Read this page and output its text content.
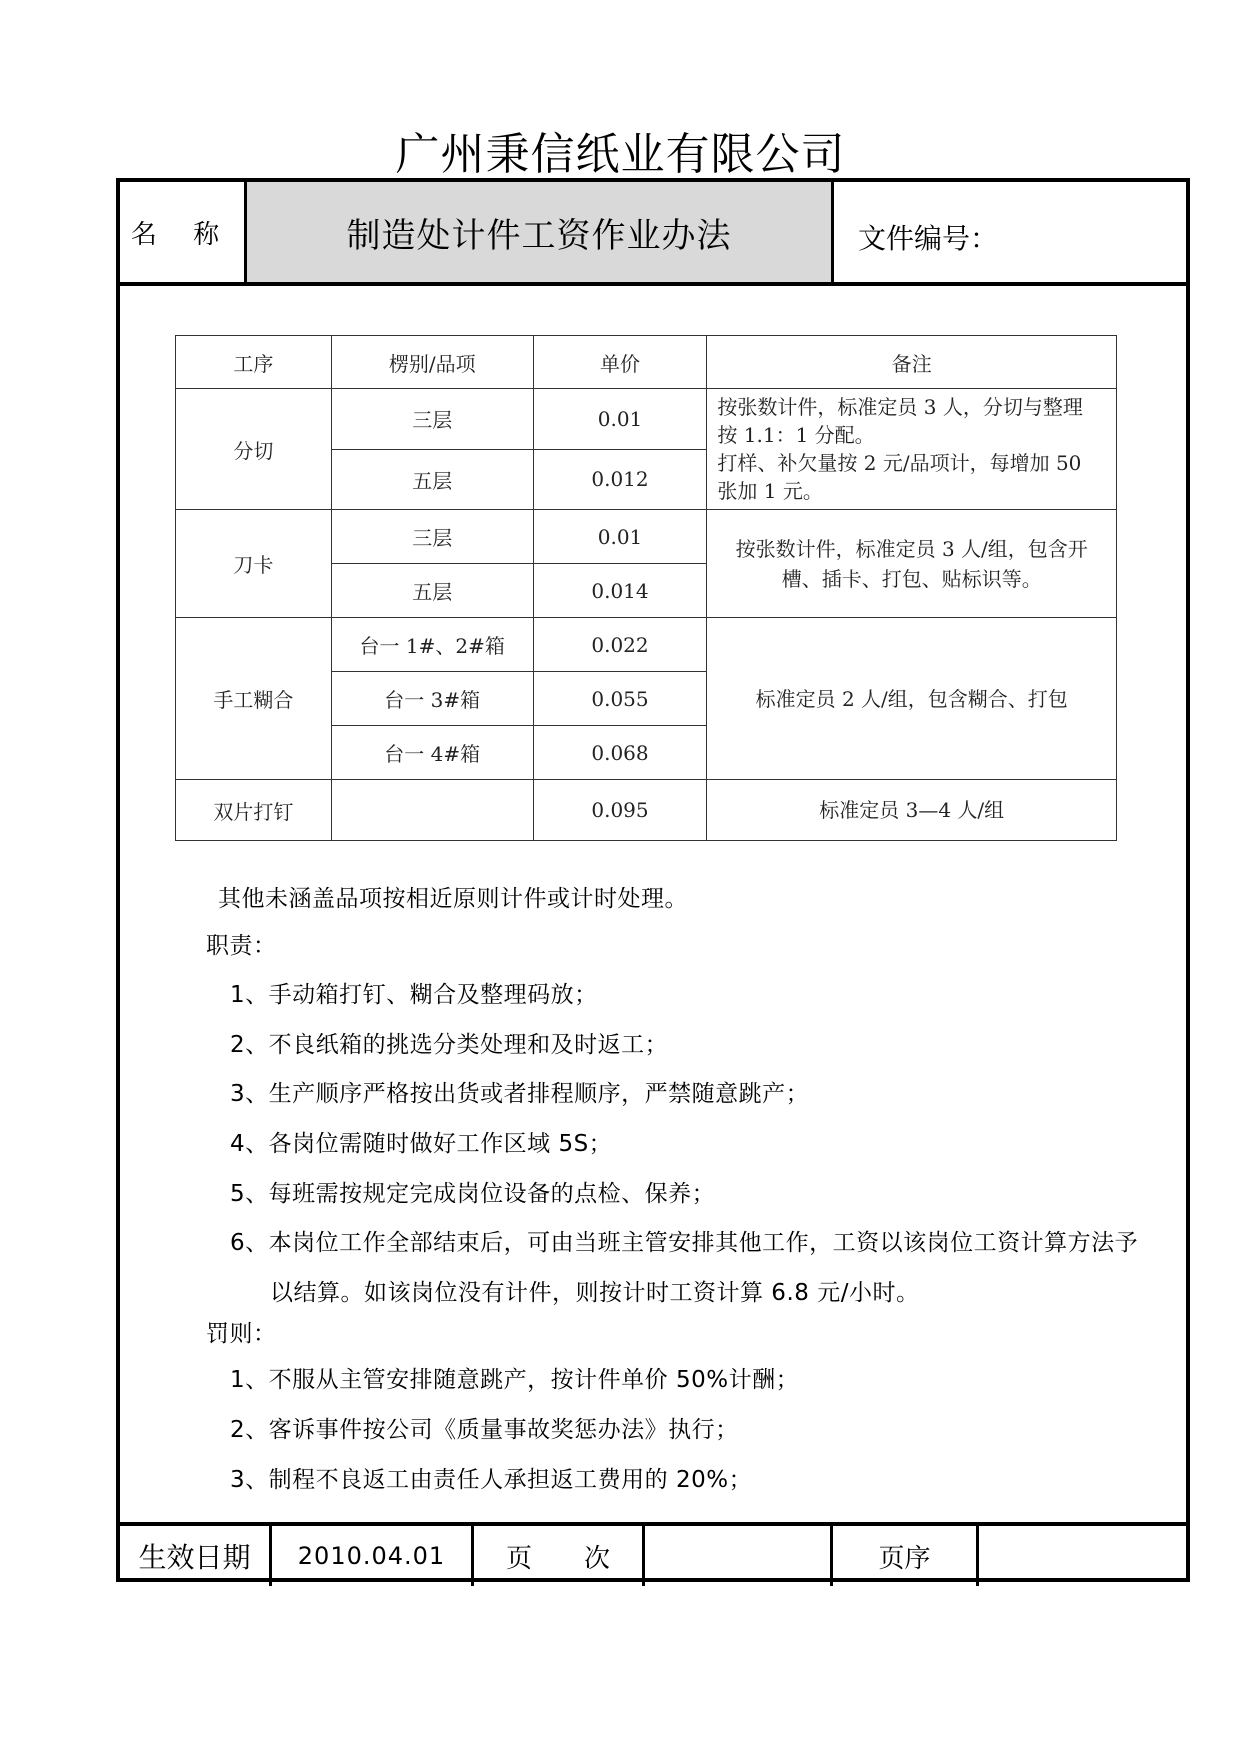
广州秉信纸业有限公司
名 称	制造处计件工资作业办法	文件编号：
工序	楞别/品项	单价	备注
分切	三层	0.01	按张数计件，标准定员 3 人，分切与整理
按 1.1：1 分配。
打样、补欠量按 2 元/品项计，每增加 50
张加 1 元。

	五层	0.012	
刀卡	三层	0.01	按张数计件，标准定员 3 人/组，包含开
槽、插卡、打包、贴标识等。

	五层	0.014	
手工糊合	台一 1#、2#箱	0.022	标准定员 2 人/组，包含糊合、打包

	台一 3#箱	0.055	
	台一 4#箱	0.068	
双片打钉		0.095	标准定员 3—4 人/组
其他未涵盖品项按相近原则计件或计时处理。
职责：
1、手动箱打钉、糊合及整理码放；
2、不良纸箱的挑选分类处理和及时返工；
3、生产顺序严格按出货或者排程顺序，严禁随意跳产；
4、各岗位需随时做好工作区域 5S；
5、每班需按规定完成岗位设备的点检、保养；
6、本岗位工作全部结束后，可由当班主管安排其他工作，工资以该岗位工资计算方法予
以结算。如该岗位没有计件，则按计时工资计算 6.8 元/小时。
罚则：
1、不服从主管安排随意跳产，按计件单价 50%计酬；
2、客诉事件按公司《质量事故奖惩办法》执行；
3、制程不良返工由责任人承担返工费用的 20%；
生效日期	2010.04.01	页　　次	页序
